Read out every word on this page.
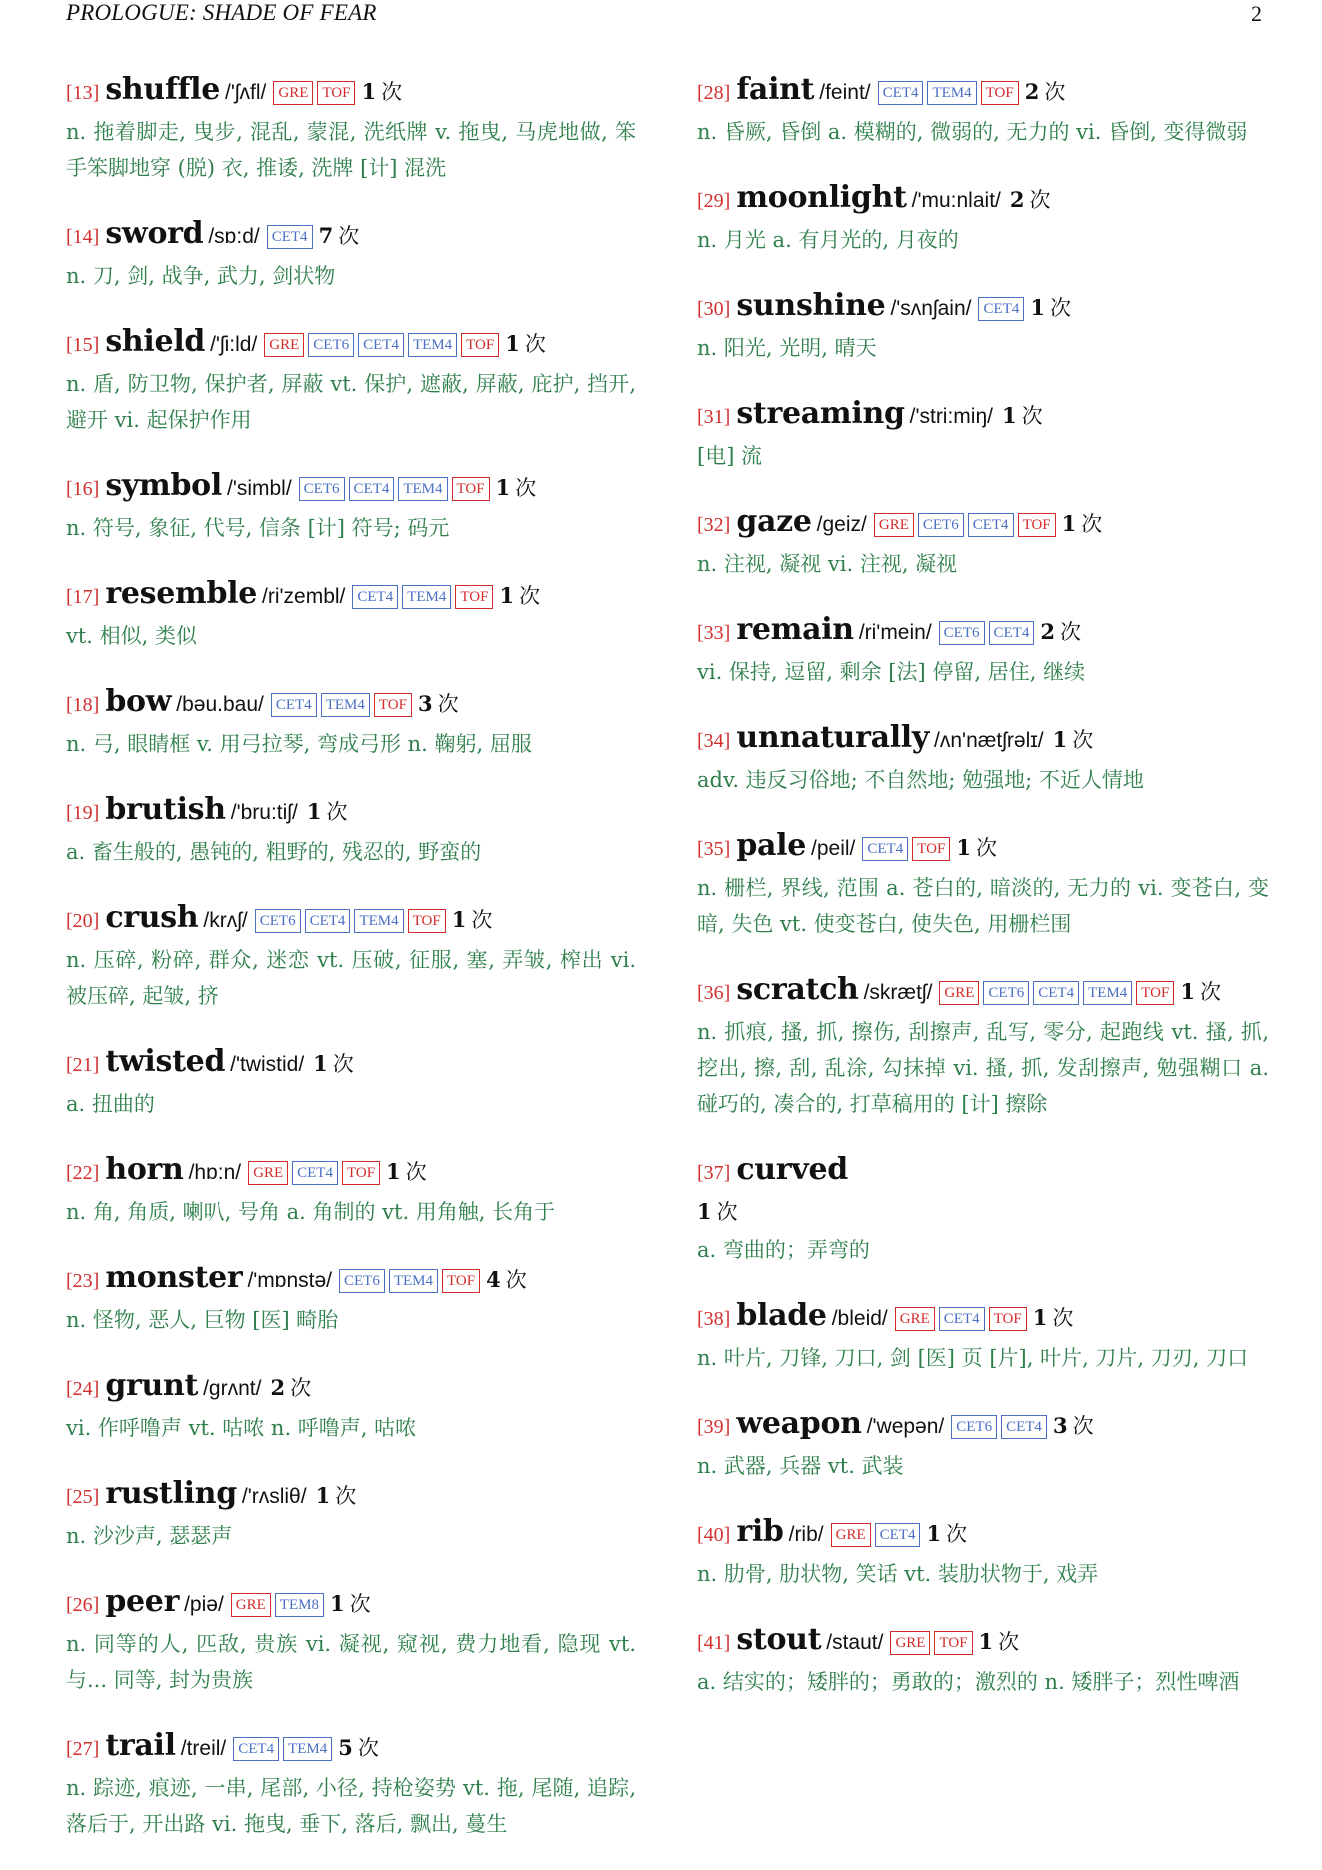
PROLOGUE: SHADE OF FEAR	2
[13] shuffle /'ʃʌfl/ GRE TOF 1 次
n. 拖着脚走, 曳步, 混乱, 蒙混, 洗纸牌 v. 拖曳, 马虎地做, 笨手笨脚地穿 (脱) 衣, 推诿, 洗牌 [计] 混洗
[14] sword /sɒ:d/ CET4 7 次
n. 刀, 剑, 战争, 武力, 剑状物
[15] shield /'ʃi:ld/ GRE CET6 CET4 TEM4 TOF 1 次
n. 盾, 防卫物, 保护者, 屏蔽 vt. 保护, 遮蔽, 屏蔽, 庇护, 挡开, 避开 vi. 起保护作用
[16] symbol /'simbl/ CET6 CET4 TEM4 TOF 1 次
n. 符号, 象征, 代号, 信条 [计] 符号; 码元
[17] resemble /ri'zembl/ CET4 TEM4 TOF 1 次
vt. 相似, 类似
[18] bow /bəu.bau/ CET4 TEM4 TOF 3 次
n. 弓, 眼睛框 v. 用弓拉琴, 弯成弓形 n. 鞠躬, 屈服
[19] brutish /'bru:tiʃ/ 1 次
a. 畜生般的, 愚钝的, 粗野的, 残忍的, 野蛮的
[20] crush /krʌʃ/ CET6 CET4 TEM4 TOF 1 次
n. 压碎, 粉碎, 群众, 迷恋 vt. 压破, 征服, 塞, 弄皱, 榨出 vi. 被压碎, 起皱, 挤
[21] twisted /'twistid/ 1 次
a. 扭曲的
[22] horn /hɒ:n/ GRE CET4 TOF 1 次
n. 角, 角质, 喇叭, 号角 a. 角制的 vt. 用角触, 长角于
[23] monster /'mɒnstə/ CET6 TEM4 TOF 4 次
n. 怪物, 恶人, 巨物 [医] 畸胎
[24] grunt /grʌnt/ 2 次
vi. 作呼噜声 vt. 咕哝 n. 呼噜声, 咕哝
[25] rustling /'rʌsliθ/ 1 次
n. 沙沙声, 瑟瑟声
[26] peer /piə/ GRE TEM8 1 次
n. 同等的人, 匹敌, 贵族 vi. 凝视, 窥视, 费力地看, 隐现 vt. 与... 同等, 封为贵族
[27] trail /treil/ CET4 TEM4 5 次
n. 踪迹, 痕迹, 一串, 尾部, 小径, 持枪姿势 vt. 拖, 尾随, 追踪, 落后于, 开出路 vi. 拖曳, 垂下, 落后, 飘出, 蔓生
[28] faint /feint/ CET4 TEM4 TOF 2 次
n. 昏厥, 昏倒 a. 模糊的, 微弱的, 无力的 vi. 昏倒, 变得微弱
[29] moonlight /'mu:nlait/ 2 次
n. 月光 a. 有月光的, 月夜的
[30] sunshine /'sʌnʃain/ CET4 1 次
n. 阳光, 光明, 晴天
[31] streaming /'stri:miŋ/ 1 次
[电] 流
[32] gaze /geiz/ GRE CET6 CET4 TOF 1 次
n. 注视, 凝视 vi. 注视, 凝视
[33] remain /ri'mein/ CET6 CET4 2 次
vi. 保持, 逗留, 剩余 [法] 停留, 居住, 继续
[34] unnaturally /ʌn'nætʃrəlɪ/ 1 次
adv. 违反习俗地; 不自然地; 勉强地; 不近人情地
[35] pale /peil/ CET4 TOF 1 次
n. 栅栏, 界线, 范围 a. 苍白的, 暗淡的, 无力的 vi. 变苍白, 变暗, 失色 vt. 使变苍白, 使失色, 用栅栏围
[36] scratch /skrætʃ/ GRE CET6 CET4 TEM4 TOF 1 次
n. 抓痕, 搔, 抓, 擦伤, 刮擦声, 乱写, 零分, 起跑线 vt. 搔, 抓, 挖出, 擦, 刮, 乱涂, 勾抹掉 vi. 搔, 抓, 发刮擦声, 勉强糊口 a. 碰巧的, 凑合的, 打草稿用的 [计] 擦除
[37] curved
1 次
a. 弯曲的；弄弯的
[38] blade /bleid/ GRE CET4 TOF 1 次
n. 叶片, 刀锋, 刀口, 剑 [医] 页 [片], 叶片, 刀片, 刀刃, 刀口
[39] weapon /'wepən/ CET6 CET4 3 次
n. 武器, 兵器 vt. 武装
[40] rib /rib/ GRE CET4 1 次
n. 肋骨, 肋状物, 笑话 vt. 装肋状物于, 戏弄
[41] stout /staut/ GRE TOF 1 次
a. 结实的；矮胖的；勇敢的；激烈的 n. 矮胖子；烈性啤酒
